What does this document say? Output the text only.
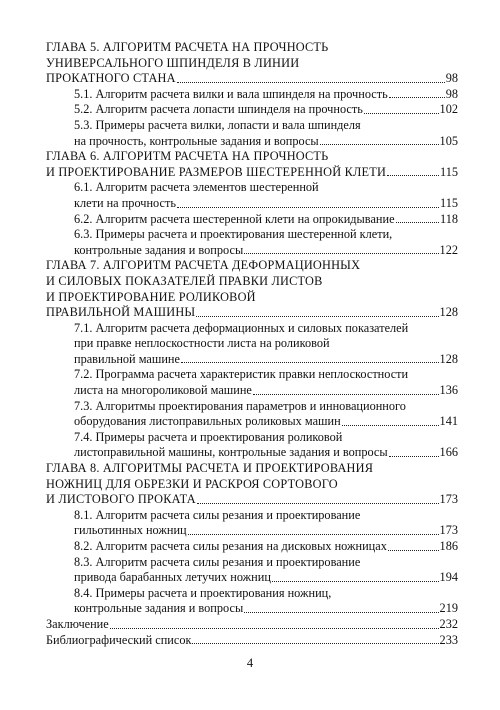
ГЛАВА 5. АЛГОРИТМ РАСЧЕТА НА ПРОЧНОСТЬ
УНИВЕРСАЛЬНОГО ШПИНДЕЛЯ В ЛИНИИ
ПРОКАТНОГО СТАНА	98
5.1. Алгоритм расчета вилки и вала шпинделя на прочность	98
5.2. Алгоритм расчета лопасти шпинделя на прочность	102
5.3. Примеры расчета вилки, лопасти и вала шпинделя
на прочность, контрольные задания и вопросы	105
ГЛАВА 6. АЛГОРИТМ РАСЧЕТА НА ПРОЧНОСТЬ
И ПРОЕКТИРОВАНИЕ РАЗМЕРОВ ШЕСТЕРЕННОЙ КЛЕТИ	115
6.1. Алгоритм расчета элементов шестеренной
клети на прочность	115
6.2. Алгоритм расчета шестеренной клети на опрокидывание	118
6.3. Примеры расчета и проектирования шестеренной клети,
контрольные задания и вопросы	122
ГЛАВА 7. АЛГОРИТМ РАСЧЕТА ДЕФОРМАЦИОННЫХ
И СИЛОВЫХ ПОКАЗАТЕЛЕЙ ПРАВКИ ЛИСТОВ
И ПРОЕКТИРОВАНИЕ РОЛИКОВОЙ
ПРАВИЛЬНОЙ МАШИНЫ	128
7.1. Алгоритм расчета деформационных и силовых показателей
при правке неплоскостности листа на роликовой
правильной машине	128
7.2. Программа расчета характеристик правки неплоскостности
листа на многороликовой машине	136
7.3. Алгоритмы проектирования параметров и инновационного
оборудования листоправильных роликовых машин	141
7.4. Примеры расчета и проектирования роликовой
листоправильной машины, контрольные задания и вопросы	166
ГЛАВА 8. АЛГОРИТМЫ РАСЧЕТА И ПРОЕКТИРОВАНИЯ
НОЖНИЦ ДЛЯ ОБРЕЗКИ И РАСКРОЯ СОРТОВОГО
И ЛИСТОВОГО ПРОКАТА	173
8.1. Алгоритм расчета силы резания и проектирование
гильотинных ножниц	173
8.2. Алгоритм расчета силы резания на дисковых ножницах	186
8.3. Алгоритм расчета силы резания и проектирование
привода барабанных летучих ножниц	194
8.4. Примеры расчета и проектирования ножниц,
контрольные задания и вопросы	219
Заключение	232
Библиографический список	233
4
